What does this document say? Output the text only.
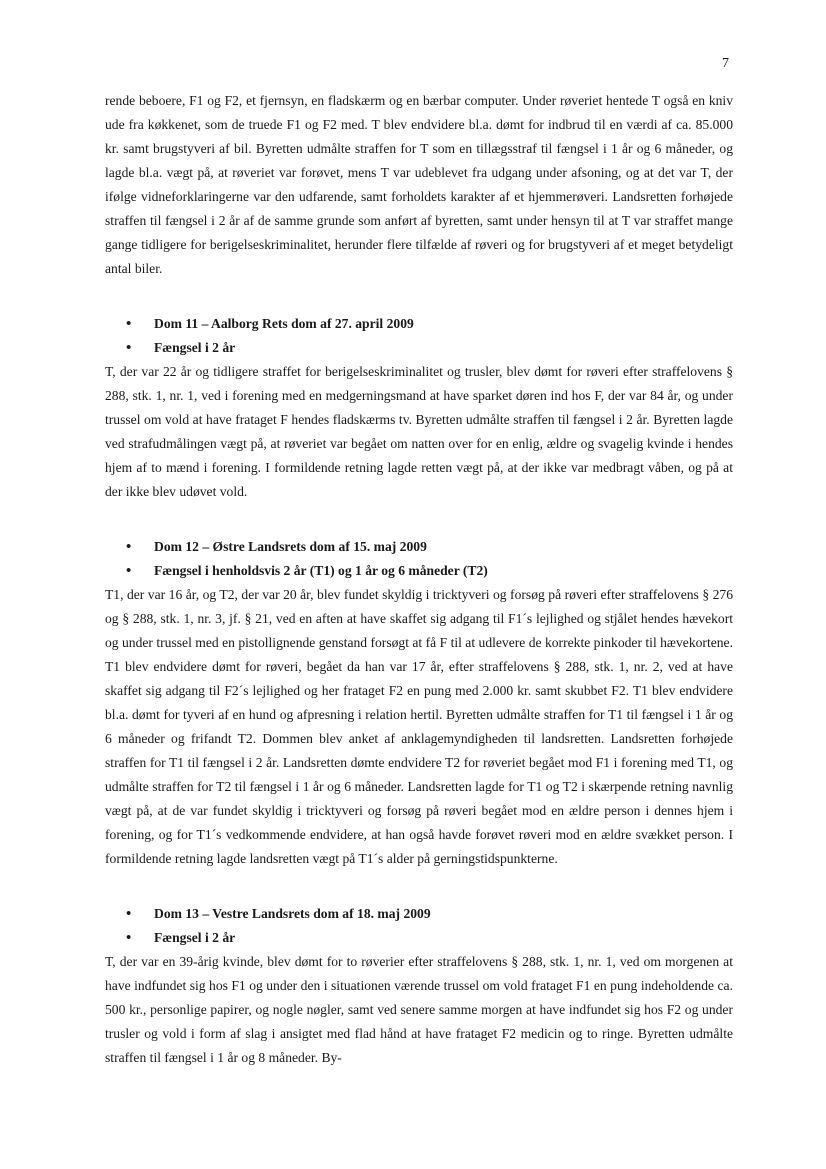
7

rende beboere, F1 og F2, et fjernsyn, en fladskærm og en bærbar computer. Under røveriet hentede T også en kniv ude fra køkkenet, som de truede F1 og F2 med. T blev endvidere bl.a. dømt for indbrud til en værdi af ca. 85.000 kr. samt brugstyveri af bil. Byretten udmålte straffen for T som en tillægsstraf til fængsel i 1 år og 6 måneder, og lagde bl.a. vægt på, at røveriet var forøvet, mens T var udeblevet fra udgang under afsoning, og at det var T, der ifølge vidneforklaringerne var den udfarende, samt forholdets karakter af et hjemmerøveri. Landsretten forhøjede straffen til fængsel i 2 år af de samme grunde som anført af byretten, samt under hensyn til at T var straffet mange gange tidligere for berigelseskriminalitet, herunder flere tilfælde af røveri og for brugstyveri af et meget betydeligt antal biler.

• Dom 11 – Aalborg Rets dom af 27. april 2009
• Fængsel i 2 år

T, der var 22 år og tidligere straffet for berigelseskriminalitet og trusler, blev dømt for røveri efter straffelovens § 288, stk. 1, nr. 1, ved i forening med en medgerningsmand at have sparket døren ind hos F, der var 84 år, og under trussel om vold at have frataget F hendes fladskærms tv. Byretten udmålte straffen til fængsel i 2 år. Byretten lagde ved strafudmålingen vægt på, at røveriet var begået om natten over for en enlig, ældre og svagelig kvinde i hendes hjem af to mænd i forening. I formildende retning lagde retten vægt på, at der ikke var medbragt våben, og på at der ikke blev udøvet vold.

• Dom 12 – Østre Landsrets dom af 15. maj 2009
• Fængsel i henholdsvis 2 år (T1) og 1 år og 6 måneder (T2)

T1, der var 16 år, og T2, der var 20 år, blev fundet skyldig i tricktyveri og forsøg på røveri efter straffelovens § 276 og § 288, stk. 1, nr. 3, jf. § 21, ved en aften at have skaffet sig adgang til F1´s lejlighed og stjålet hendes hævekort og under trussel med en pistollignende genstand forsøgt at få F til at udlevere de korrekte pinkoder til hævekortene. T1 blev endvidere dømt for røveri, begået da han var 17 år, efter straffelovens § 288, stk. 1, nr. 2, ved at have skaffet sig adgang til F2´s lejlighed og her frataget F2 en pung med 2.000 kr. samt skubbet F2. T1 blev endvidere bl.a. dømt for tyveri af en hund og afpresning i relation hertil. Byretten udmålte straffen for T1 til fængsel i 1 år og 6 måneder og frifandt T2. Dommen blev anket af anklagemyndigheden til landsretten. Landsretten forhøjede straffen for T1 til fængsel i 2 år. Landsretten dømte endvidere T2 for røveriet begået mod F1 i forening med T1, og udmålte straffen for T2 til fængsel i 1 år og 6 måneder. Landsretten lagde for T1 og T2 i skærpende retning navnlig vægt på, at de var fundet skyldig i tricktyveri og forsøg på røveri begået mod en ældre person i dennes hjem i forening, og for T1´s vedkommende endvidere, at han også havde forøvet røveri mod en ældre svækket person. I formildende retning lagde landsretten vægt på T1´s alder på gerningstidspunkterne.

• Dom 13 – Vestre Landsrets dom af 18. maj 2009
• Fængsel i 2 år

T, der var en 39-årig kvinde, blev dømt for to røverier efter straffelovens § 288, stk. 1, nr. 1, ved om morgenen at have indfundet sig hos F1 og under den i situationen værende trussel om vold frataget F1 en pung indeholdende ca. 500 kr., personlige papirer, og nogle nøgler, samt ved senere samme morgen at have indfundet sig hos F2 og under trusler og vold i form af slag i ansigtet med flad hånd at have frataget F2 medicin og to ringe. Byretten udmålte straffen til fængsel i 1 år og 8 måneder. By-
